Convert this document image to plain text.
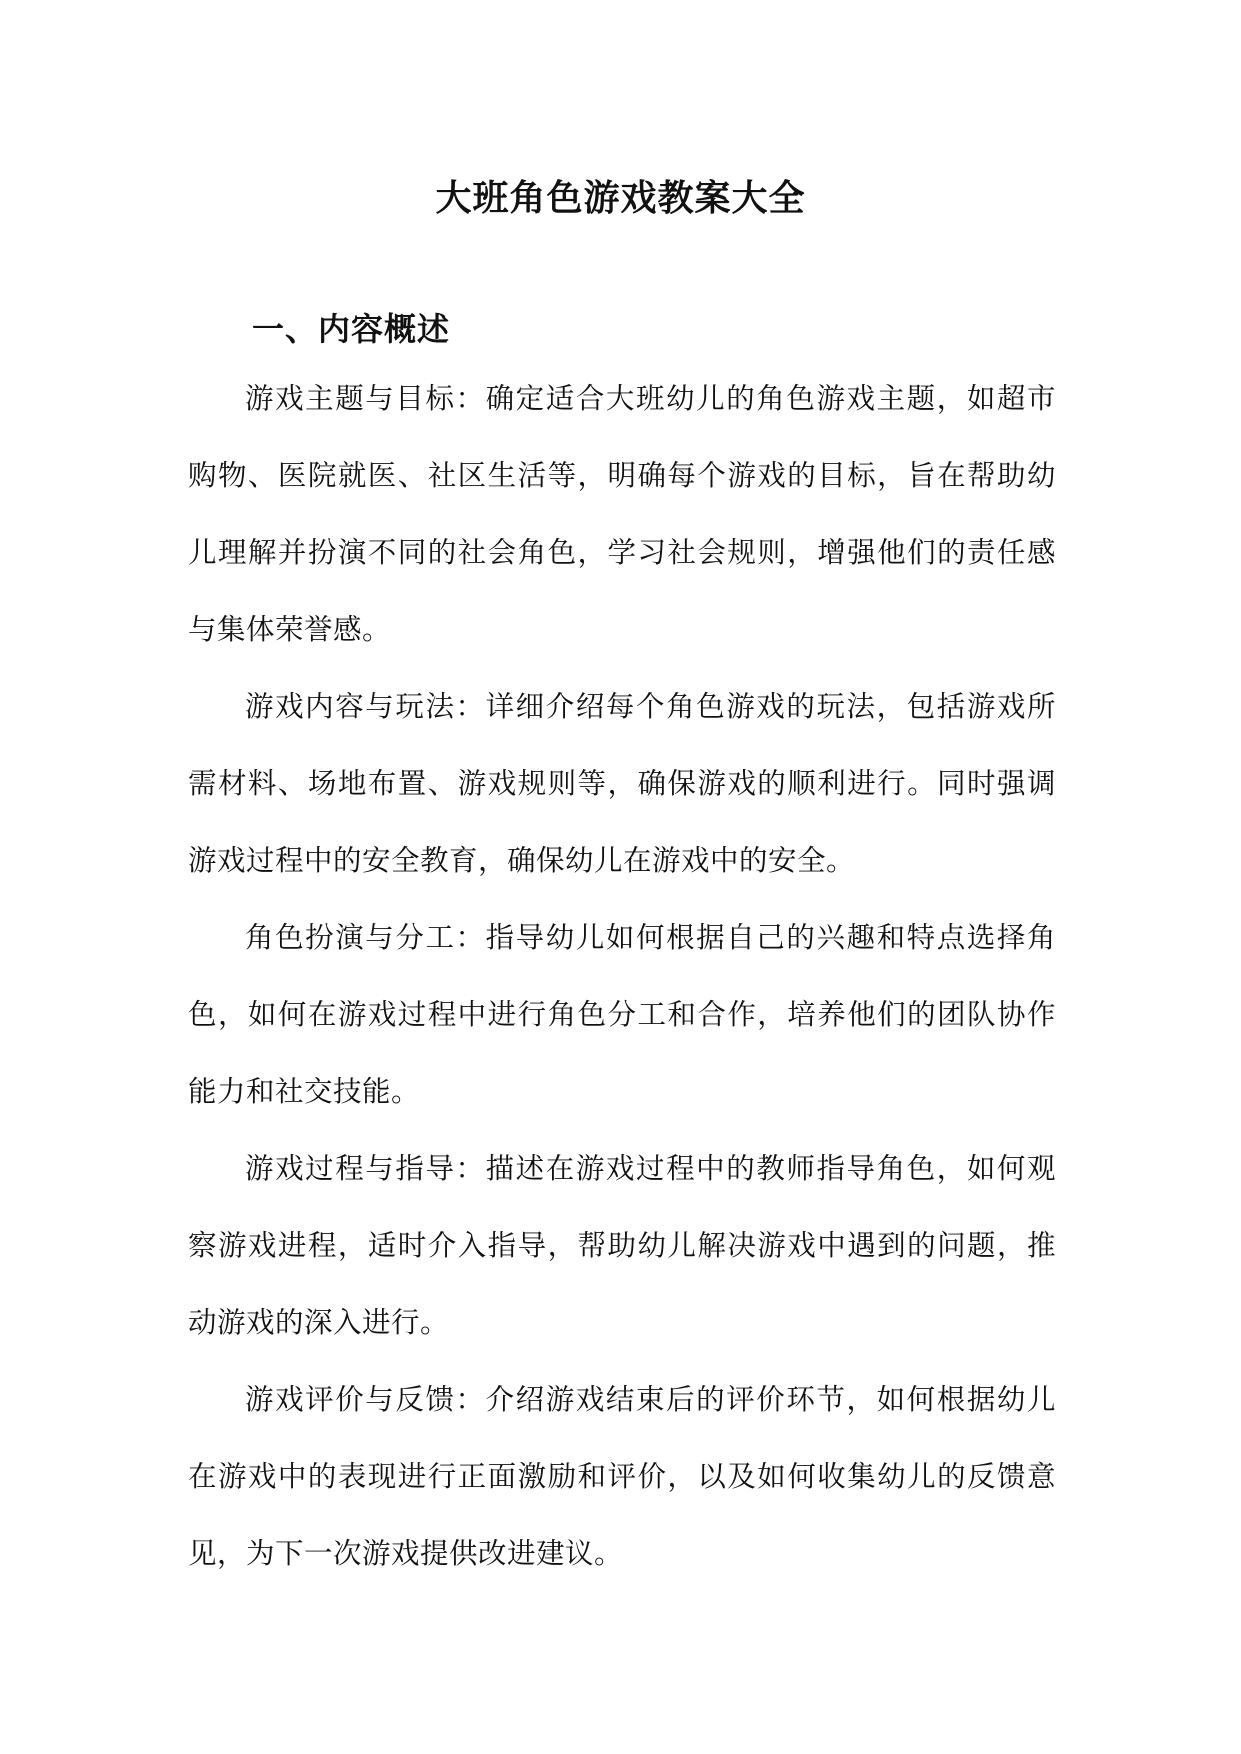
大班角色游戏教案大全
一、内容概述

游戏主题与目标：确定适合大班幼儿的角色游戏主题，如超市购物、医院就医、社区生活等，明确每个游戏的目标，旨在帮助幼儿理解并扮演不同的社会角色，学习社会规则，增强他们的责任感与集体荣誉感。

游戏内容与玩法：详细介绍每个角色游戏的玩法，包括游戏所需材料、场地布置、游戏规则等，确保游戏的顺利进行。同时强调游戏过程中的安全教育，确保幼儿在游戏中的安全。

角色扮演与分工：指导幼儿如何根据自己的兴趣和特点选择角色，如何在游戏过程中进行角色分工和合作，培养他们的团队协作能力和社交技能。

游戏过程与指导：描述在游戏过程中的教师指导角色，如何观察游戏进程，适时介入指导，帮助幼儿解决游戏中遇到的问题，推动游戏的深入进行。

游戏评价与反馈：介绍游戏结束后的评价环节，如何根据幼儿在游戏中的表现进行正面激励和评价，以及如何收集幼儿的反馈意见，为下一次游戏提供改进建议。
